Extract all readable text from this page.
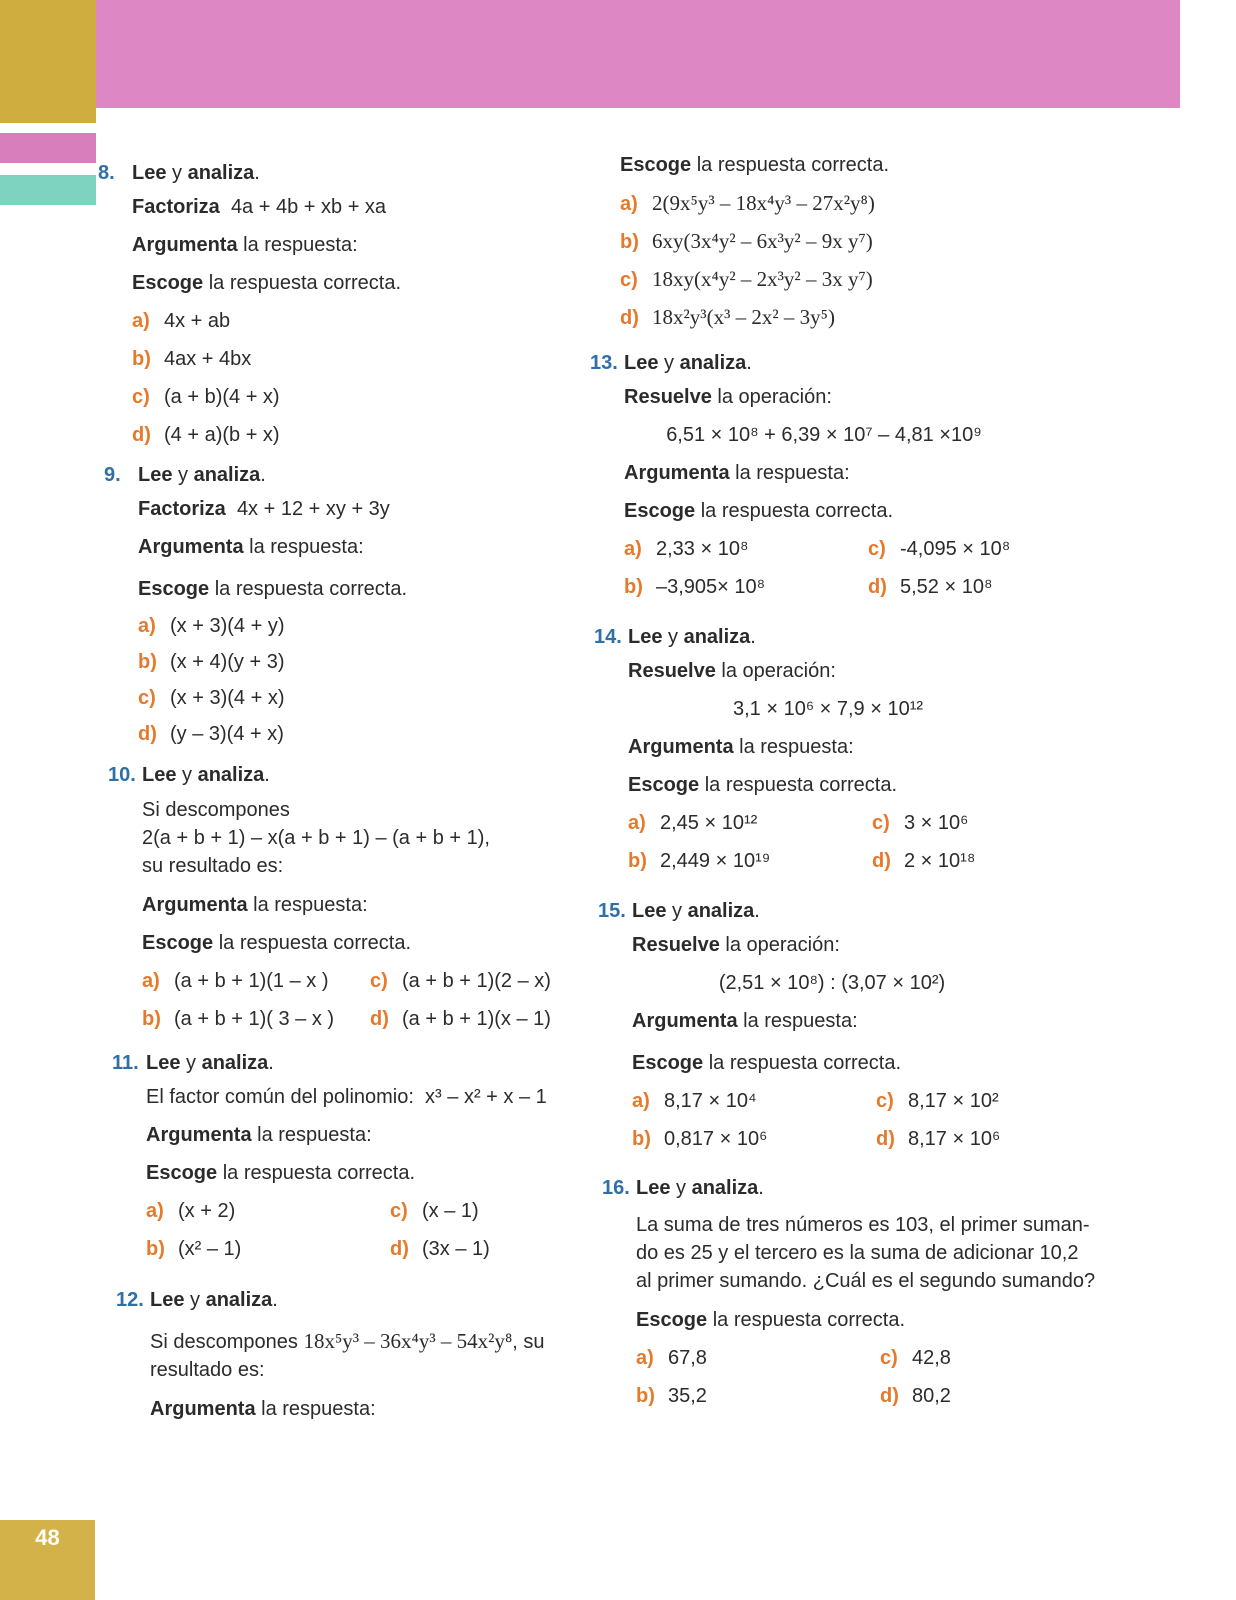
48
8. Lee y analiza.
Factoriza 4a + 4b + xb + xa
Argumenta la respuesta:
Escoge la respuesta correcta.
a) 4x + ab
b) 4ax + 4bx
c) (a + b)(4 + x)
d) (4 + a)(b + x)
9. Lee y analiza.
Factoriza 4x + 12 + xy + 3y
Argumenta la respuesta:
Escoge la respuesta correcta.
a) (x + 3)(4 + y)
b) (x + 4)(y + 3)
c) (x + 3)(4 + x)
d) (y – 3)(4 + x)
10. Lee y analiza.
Si descompones
2(a + b + 1) – x(a + b + 1) – (a + b + 1),
su resultado es:
Argumenta la respuesta:
Escoge la respuesta correcta.
a) (a + b + 1)(1 – x )	c) (a + b + 1)(2 – x)
b) (a + b + 1)( 3 – x )	d) (a + b + 1)(x – 1)
11. Lee y analiza.
El factor común del polinomio: x³ – x² + x – 1
Argumenta la respuesta:
Escoge la respuesta correcta.
a) (x + 2)	c) (x – 1)
b) (x² – 1)	d) (3x – 1)
12. Lee y analiza.
Si descompones 18x⁵y³ – 36x⁴y³ – 54x²y⁸, su
resultado es:
Argumenta la respuesta:
Escoge la respuesta correcta.
a) 2(9x⁵y³ – 18x⁴y³ – 27x²y⁸)
b) 6xy(3x⁴y² – 6x³y² – 9x y⁷)
c) 18xy(x⁴y² – 2x³y² – 3x y⁷)
d) 18x²y³(x³ – 2x² – 3y⁵)
13. Lee y analiza.
Resuelve la operación:
6,51 × 10⁸ + 6,39 × 10⁷ – 4,81 ×10⁹
Argumenta la respuesta:
Escoge la respuesta correcta.
a) 2,33 × 10⁸	c) -4,095 × 10⁸
b) –3,905× 10⁸	d) 5,52 × 10⁸
14. Lee y analiza.
Resuelve la operación:
3,1 × 10⁶ × 7,9 × 10¹²
Argumenta la respuesta:
Escoge la respuesta correcta.
a) 2,45 × 10¹²	c) 3 × 10⁶
b) 2,449 × 10¹⁹	d) 2 × 10¹⁸
15. Lee y analiza.
Resuelve la operación:
(2,51 × 10⁸) : (3,07 × 10²)
Argumenta la respuesta:
Escoge la respuesta correcta.
a) 8,17 × 10⁴	c) 8,17 × 10²
b) 0,817 × 10⁶	d) 8,17 × 10⁶
16. Lee y analiza.
La suma de tres números es 103, el primer suman-
do es 25 y el tercero es la suma de adicionar 10,2
al primer sumando. ¿Cuál es el segundo sumando?
Escoge la respuesta correcta.
a) 67,8	c) 42,8
b) 35,2	d) 80,2
